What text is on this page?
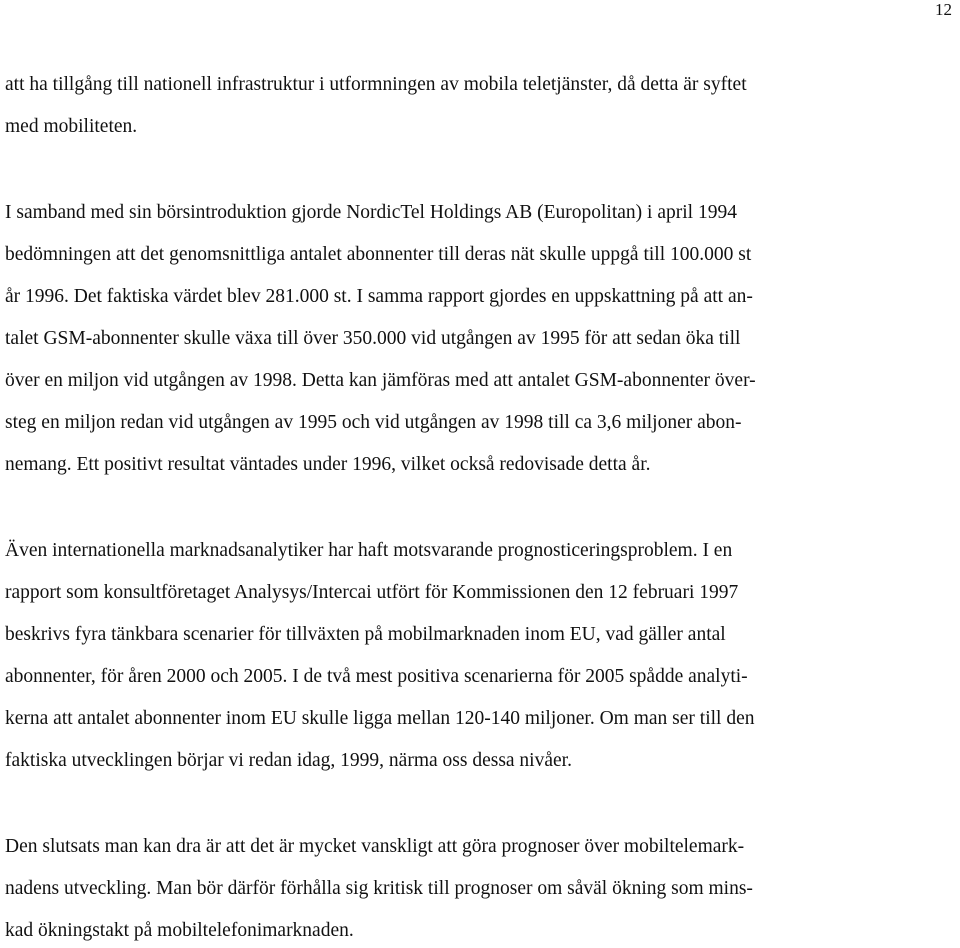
12
att ha tillgång till nationell infrastruktur i utformningen av mobila teletjänster, då detta är syftet
med mobiliteten.
I samband med sin börsintroduktion gjorde NordicTel Holdings AB (Europolitan) i april 1994
bedömningen att det genomsnittliga antalet abonnenter till deras nät skulle uppgå till 100.000 st
år 1996. Det faktiska värdet blev 281.000 st. I samma rapport gjordes en uppskattning på att an-
talet GSM-abonnenter skulle växa till över 350.000 vid utgången av 1995 för att sedan öka till
över en miljon vid utgången av 1998. Detta kan jämföras med att antalet GSM-abonnenter över-
steg en miljon redan vid utgången av 1995 och vid utgången av 1998 till ca 3,6 miljoner abon-
nemang. Ett positivt resultat väntades under 1996, vilket också redovisade detta år.
Även internationella marknadsanalytiker har haft motsvarande prognosticeringsproblem. I en
rapport som konsultföretaget Analysys/Intercai utfört för Kommissionen den 12 februari 1997
beskrivs fyra tänkbara scenarier för tillväxten på mobilmarknaden inom EU, vad gäller antal
abonnenter, för åren 2000 och 2005. I de två mest positiva scenarierna för 2005 spådde analyti-
kerna att antalet abonnenter inom EU skulle ligga mellan 120-140 miljoner. Om man ser till den
faktiska utvecklingen börjar vi redan idag, 1999, närma oss dessa nivåer.
Den slutsats man kan dra är att det är mycket vanskligt att göra prognoser över mobiltelemark-
nadens utveckling. Man bör därför förhålla sig kritisk till prognoser om såväl ökning som mins-
kad ökningstakt på mobiltelefonimarknaden.
